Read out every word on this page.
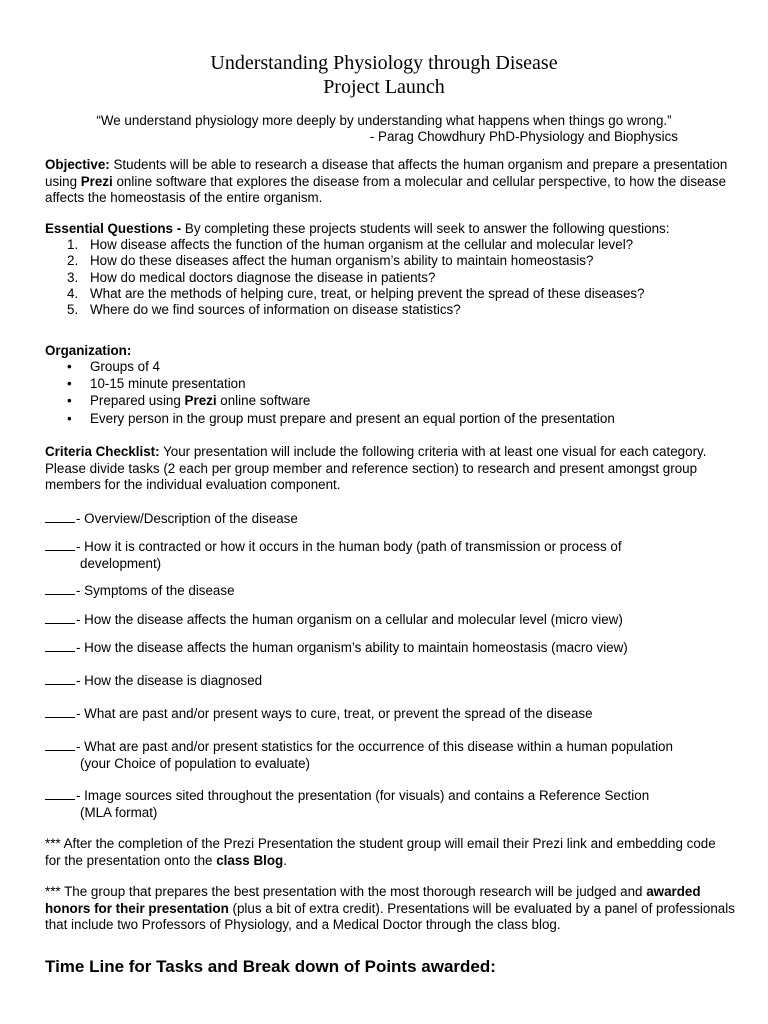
Understanding Physiology through Disease
Project Launch
“We understand physiology more deeply by understanding what happens when things go wrong.”
- Parag Chowdhury PhD-Physiology and Biophysics
Objective: Students will be able to research a disease that affects the human organism and prepare a presentation using Prezi online software that explores the disease from a molecular and cellular perspective, to how the disease affects the homeostasis of the entire organism.
Essential Questions - By completing these projects students will seek to answer the following questions:
1. How disease affects the function of the human organism at the cellular and molecular level?
2. How do these diseases affect the human organism’s ability to maintain homeostasis?
3. How do medical doctors diagnose the disease in patients?
4. What are the methods of helping cure, treat, or helping prevent the spread of these diseases?
5. Where do we find sources of information on disease statistics?
Organization:
• Groups of 4
• 10-15 minute presentation
• Prepared using Prezi online software
• Every person in the group must prepare and present an equal portion of the presentation
Criteria Checklist: Your presentation will include the following criteria with at least one visual for each category. Please divide tasks (2 each per group member and reference section) to research and present amongst group members for the individual evaluation component.
- Overview/Description of the disease
- How it is contracted or how it occurs in the human body (path of transmission or process of
development)
- Symptoms of the disease
- How the disease affects the human organism on a cellular and molecular level (micro view)
- How the disease affects the human organism’s ability to maintain homeostasis (macro view)
- How the disease is diagnosed
- What are past and/or present ways to cure, treat, or prevent the spread of the disease
- What are past and/or present statistics for the occurrence of this disease within a human population
(your Choice of population to evaluate)
- Image sources sited throughout the presentation (for visuals) and contains a Reference Section
(MLA format)
*** After the completion of the Prezi Presentation the student group will email their Prezi link and embedding code for the presentation onto the class Blog.
*** The group that prepares the best presentation with the most thorough research will be judged and awarded honors for their presentation (plus a bit of extra credit). Presentations will be evaluated by a panel of professionals that include two Professors of Physiology, and a Medical Doctor through the class blog.
Time Line for Tasks and Break down of Points awarded:
